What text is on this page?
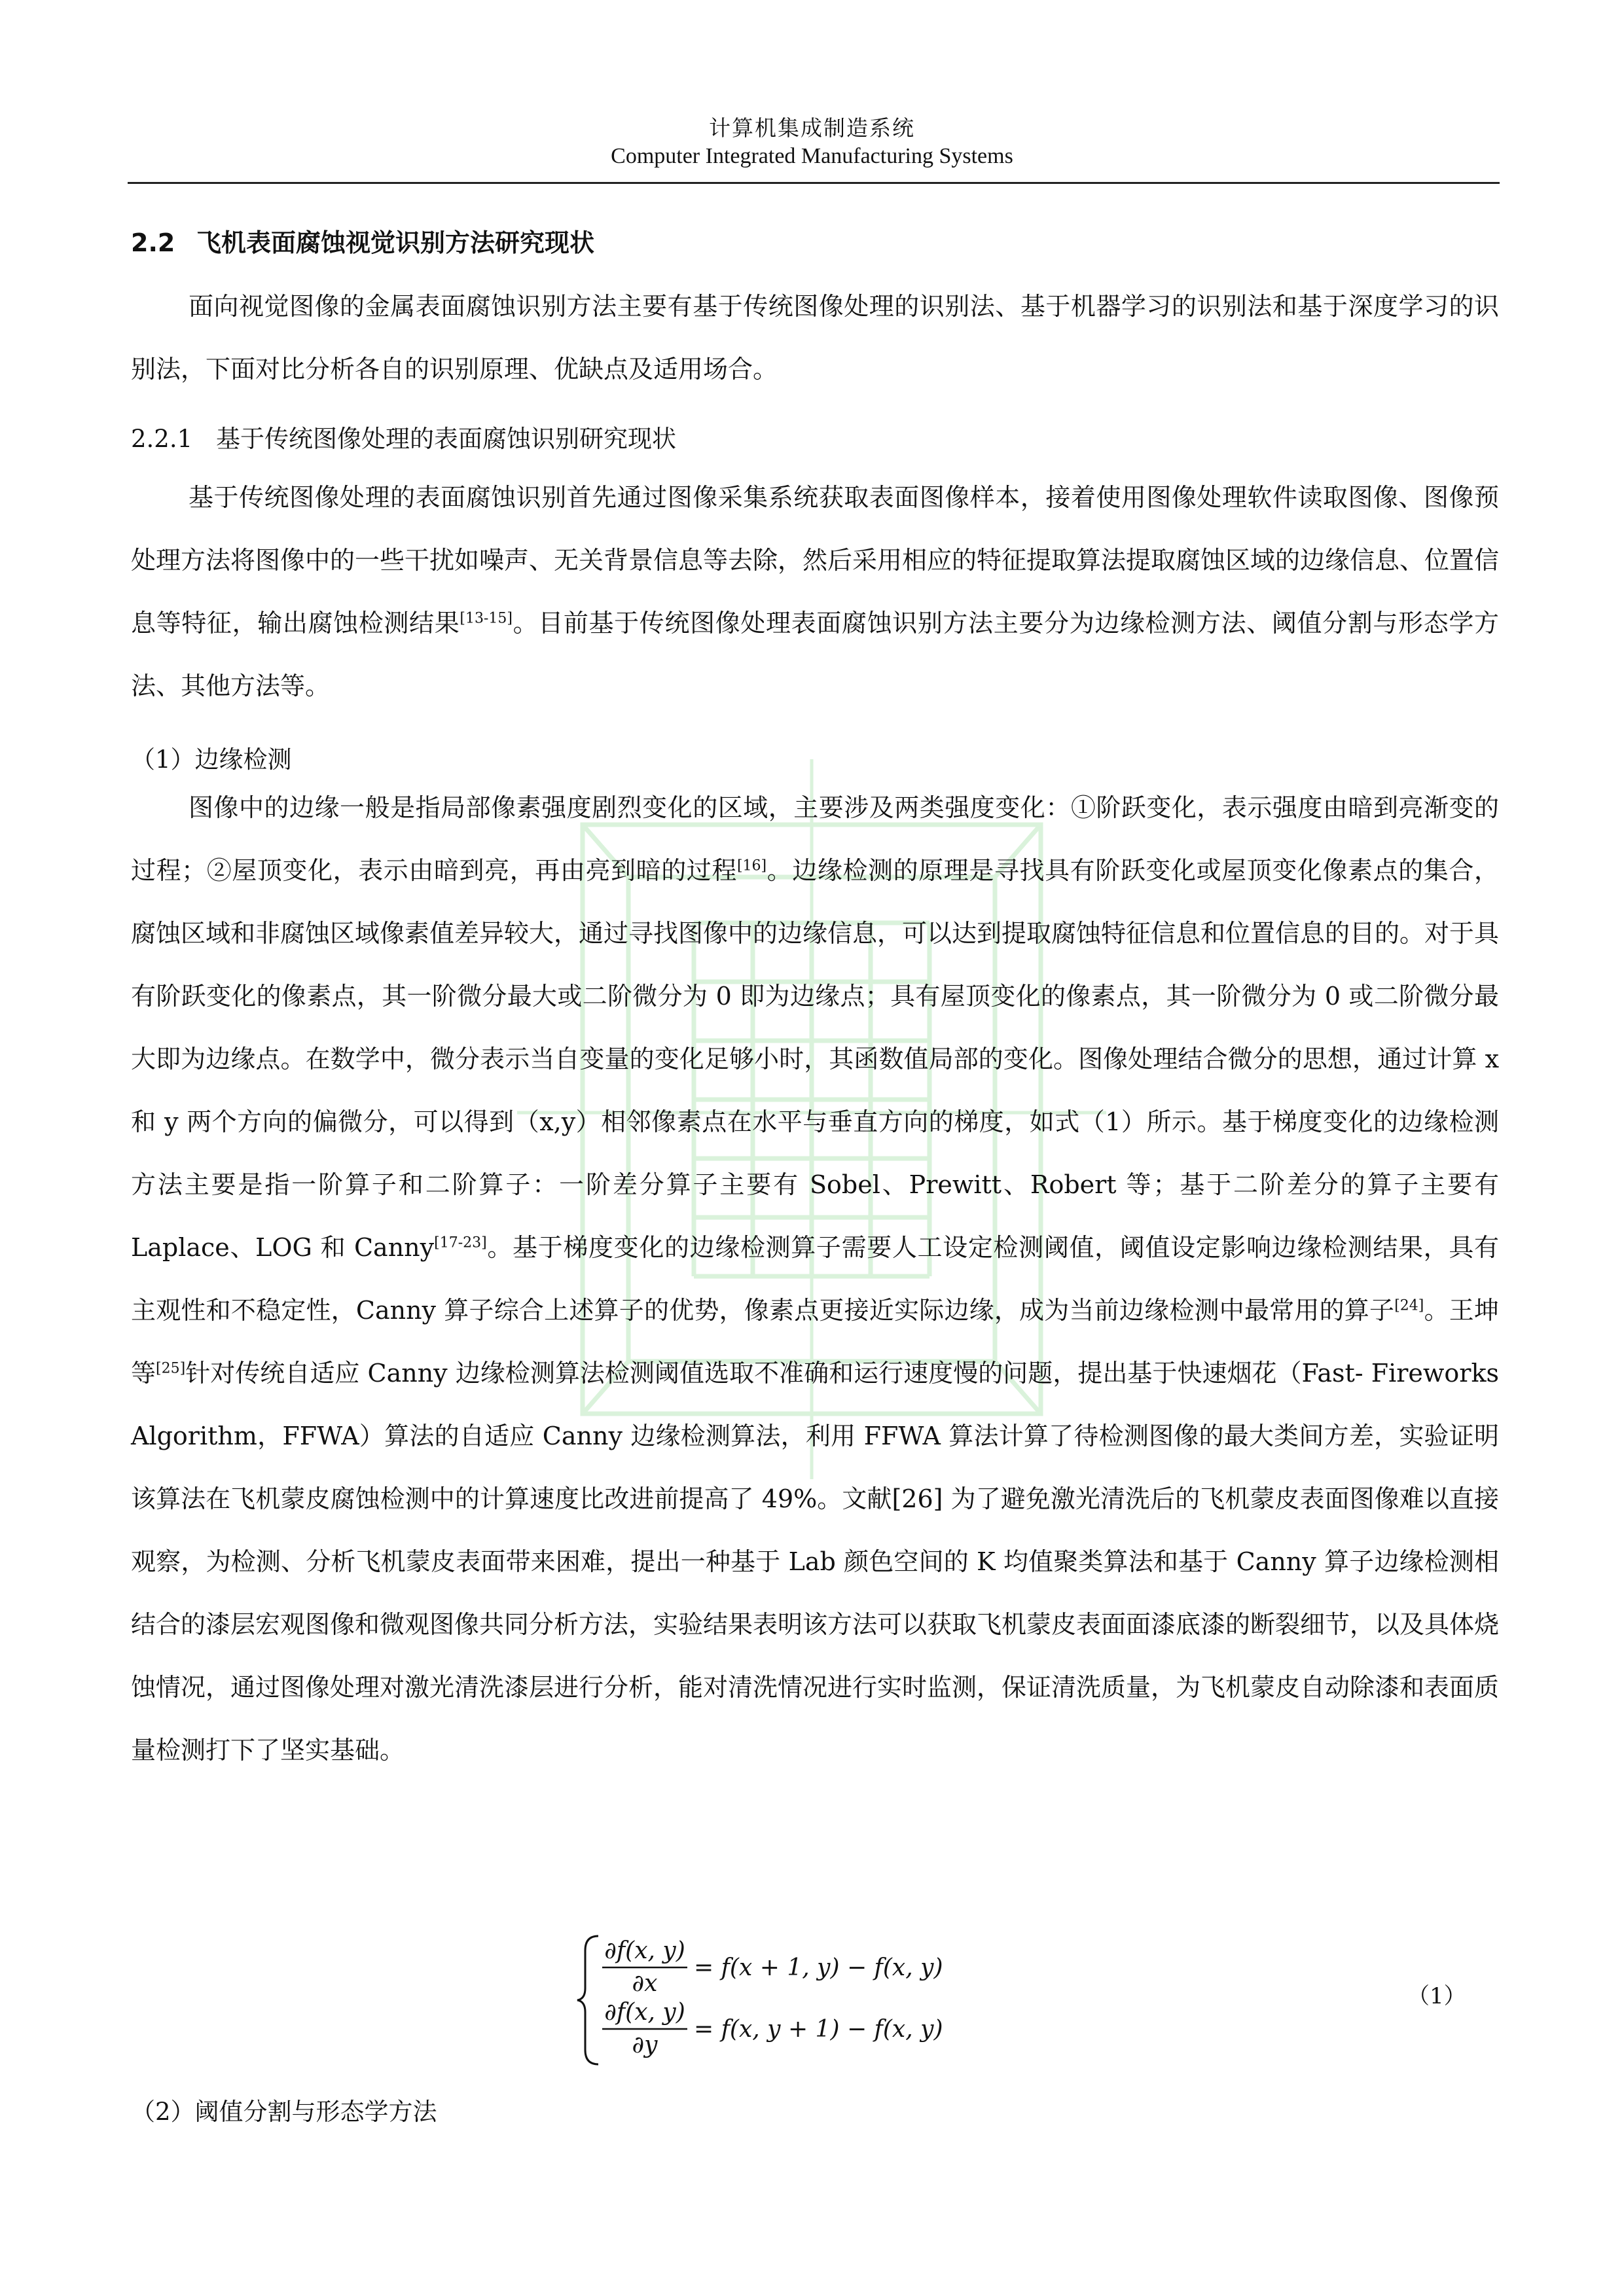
计算机集成制造系统
Computer Integrated Manufacturing Systems
2.2 飞机表面腐蚀视觉识别方法研究现状

面向视觉图像的金属表面腐蚀识别方法主要有基于传统图像处理的识别法、基于机器学习的识别法和基于深度学习的识别法，下面对比分析各自的识别原理、优缺点及适用场合。

2.2.1 基于传统图像处理的表面腐蚀识别研究现状

基于传统图像处理的表面腐蚀识别首先通过图像采集系统获取表面图像样本，接着使用图像处理软件读取图像、图像预处理方法将图像中的一些干扰如噪声、无关背景信息等去除，然后采用相应的特征提取算法提取腐蚀区域的边缘信息、位置信息等特征，输出腐蚀检测结果[13-15]。目前基于传统图像处理表面腐蚀识别方法主要分为边缘检测方法、阈值分割与形态学方法、其他方法等。

（1）边缘检测

图像中的边缘一般是指局部像素强度剧烈变化的区域，主要涉及两类强度变化：①阶跃变化，表示强度由暗到亮渐变的过程；②屋顶变化，表示由暗到亮，再由亮到暗的过程[16]。边缘检测的原理是寻找具有阶跃变化或屋顶变化像素点的集合，腐蚀区域和非腐蚀区域像素值差异较大，通过寻找图像中的边缘信息，可以达到提取腐蚀特征信息和位置信息的目的。对于具有阶跃变化的像素点，其一阶微分最大或二阶微分为 0 即为边缘点；具有屋顶变化的像素点，其一阶微分为 0 或二阶微分最大即为边缘点。在数学中，微分表示当自变量的变化足够小时，其函数值局部的变化。图像处理结合微分的思想，通过计算 x 和 y 两个方向的偏微分，可以得到（x,y）相邻像素点在水平与垂直方向的梯度，如式（1）所示。基于梯度变化的边缘检测方法主要是指一阶算子和二阶算子：一阶差分算子主要有 Sobel、Prewitt、Robert 等；基于二阶差分的算子主要有 Laplace、LOG 和 Canny[17-23]。基于梯度变化的边缘检测算子需要人工设定检测阈值，阈值设定影响边缘检测结果，具有主观性和不稳定性，Canny 算子综合上述算子的优势，像素点更接近实际边缘，成为当前边缘检测中最常用的算子[24]。王坤等[25]针对传统自适应 Canny 边缘检测算法检测阈值选取不准确和运行速度慢的问题，提出基于快速烟花（Fast- Fireworks Algorithm，FFWA）算法的自适应 Canny 边缘检测算法，利用 FFWA 算法计算了待检测图像的最大类间方差，实验证明该算法在飞机蒙皮腐蚀检测中的计算速度比改进前提高了 49%。文献[26] 为了避免激光清洗后的飞机蒙皮表面图像难以直接观察，为检测、分析飞机蒙皮表面带来困难，提出一种基于 Lab 颜色空间的 K 均值聚类算法和基于 Canny 算子边缘检测相结合的漆层宏观图像和微观图像共同分析方法，实验结果表明该方法可以获取飞机蒙皮表面面漆底漆的断裂细节，以及具体烧蚀情况，通过图像处理对激光清洗漆层进行分析，能对清洗情况进行实时监测，保证清洗质量，为飞机蒙皮自动除漆和表面质量检测打下了坚实基础。

∂f(x, y)
∂x
= f(x + 1, y) − f(x, y)
∂f(x, y)
∂y
= f(x, y + 1) − f(x, y)
（1）
（2）阈值分割与形态学方法
